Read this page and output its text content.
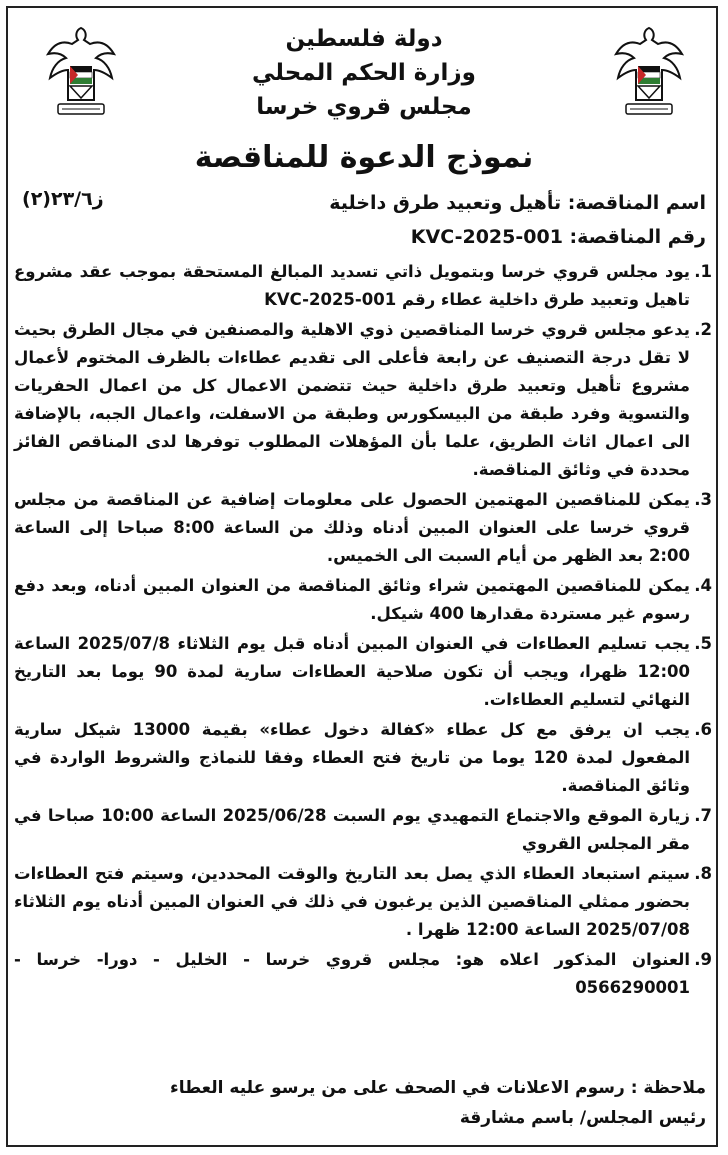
دولة فلسطين
وزارة الحكم المحلي
مجلس قروي خرسا
نموذج الدعوة للمناقصة
ز٢٣/٦(٢)	اسم المناقصة: تأهيل وتعبيد طرق داخلية
رقم المناقصة: KVC-2025-001
1.
يود مجلس قروي خرسا وبتمويل ذاتي تسديد المبالغ المستحقة بموجب عقد مشروع تاهيل وتعبيد طرق داخلية عطاء رقم KVC-2025-001
2.
يدعو مجلس قروي خرسا المناقصين ذوي الاهلية والمصنفين في مجال الطرق بحيث لا تقل درجة التصنيف عن رابعة فأعلى الى تقديم عطاءات بالظرف المختوم لأعمال مشروع تأهيل وتعبيد طرق داخلية حيث تتضمن الاعمال كل من اعمال الحفريات والتسوية وفرد طبقة من البيسكورس وطبقة من الاسفلت، واعمال الجبه، بالإضافة الى اعمال اثاث الطريق، علما بأن المؤهلات المطلوب توفرها لدى المناقص الفائز محددة في وثائق المناقصة.
3.
يمكن للمناقصين المهتمين الحصول على معلومات إضافية عن المناقصة من مجلس قروي خرسا على العنوان المبين أدناه وذلك من الساعة 8:00 صباحا إلى الساعة 2:00 بعد الظهر من أيام السبت الى الخميس.
4.
يمكن للمناقصين المهتمين شراء وثائق المناقصة من العنوان المبين أدناه، وبعد دفع رسوم غير مستردة مقدارها 400 شيكل.
5.
يجب تسليم العطاءات في العنوان المبين أدناه قبل يوم الثلاثاء 2025/07/8 الساعة 12:00 ظهرا، ويجب أن تكون صلاحية العطاءات سارية لمدة 90 يوما بعد التاريخ النهائي لتسليم العطاءات.
6.
يجب ان يرفق مع كل عطاء «كفالة دخول عطاء» بقيمة 13000 شيكل سارية المفعول لمدة 120 يوما من تاريخ فتح العطاء وفقا للنماذج والشروط الواردة في وثائق المناقصة.
7.
زيارة الموقع والاجتماع التمهيدي يوم السبت 2025/06/28 الساعة 10:00 صباحا في مقر المجلس القروي
8.
سيتم استبعاد العطاء الذي يصل بعد التاريخ والوقت المحددين، وسيتم فتح العطاءات بحضور ممثلي المناقصين الذين يرغبون في ذلك في العنوان المبين أدناه يوم الثلاثاء 2025/07/08 الساعة 12:00 ظهرا .
9.
العنوان المذكور اعلاه هو: مجلس قروي خرسا - الخليل - دورا- خرسا - 0566290001
ملاحظة : رسوم الاعلانات في الصحف على من يرسو عليه العطاء
رئيس المجلس/ باسم مشارقة
